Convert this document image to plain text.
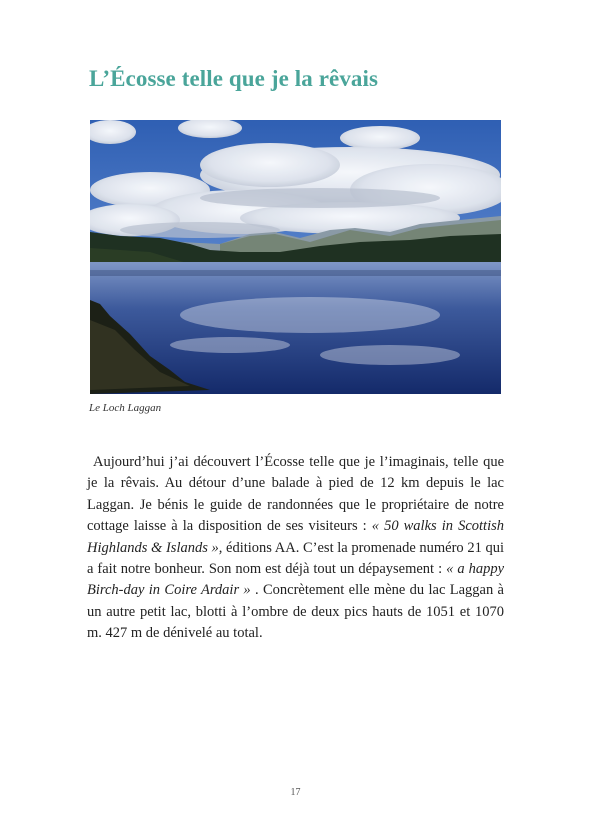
L’Écosse telle que je la rêvais
Le Loch Laggan

Aujourd’hui j’ai découvert l’Écosse telle que je l’imaginais, telle que je la rêvais. Au détour d’une balade à pied de 12 km depuis le lac Laggan. Je bénis le guide de randonnées que le propriétaire de notre cottage laisse à la disposition de ses visiteurs : « 50 walks in Scottish Highlands & Islands », éditions AA. C’est la promenade numéro 21 qui a fait notre bonheur. Son nom est déjà tout un dépaysement : « a happy Birch-day in Coire Ardair » . Concrètement elle mène du lac Laggan à un autre petit lac, blotti à l’ombre de deux pics hauts de 1051 et 1070 m. 427 m de dénivelé au total.

17
